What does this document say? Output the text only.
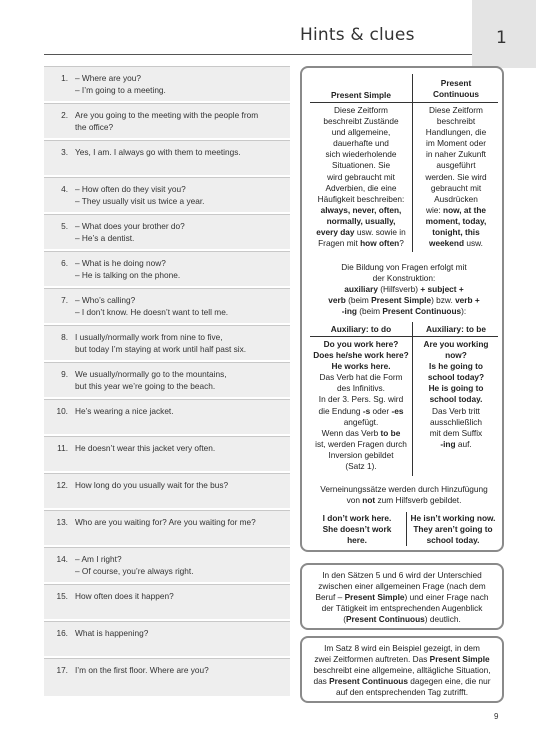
Hints & clues	1
1. – Where are you?
– I’m going to a meeting.
2. Are you going to the meeting with the people from
the office?
3. Yes, I am. I always go with them to meetings.
4. – How often do they visit you?
– They usually visit us twice a year.
5. – What does your brother do?
– He’s a dentist.
6. – What is he doing now?
– He is talking on the phone.
7. – Who’s calling?
– I don’t know. He doesn’t want to tell me.
8. I usually/normally work from nine to five,
but today I’m staying at work until half past six.
9. We usually/normally go to the mountains,
but this year we’re going to the beach.
10. He’s wearing a nice jacket.
11. He doesn’t wear this jacket very often.
12. How long do you usually wait for the bus?
13. Who are you waiting for? Are you waiting for me?
14. – Am I right?
– Of course, you’re always right.
15. How often does it happen?
16. What is happening?
17. I’m on the first floor. Where are you?
Present Simple
Present
Continuous
Diese Zeitform
beschreibt Zustände
und allgemeine,
dauerhafte und
sich wiederholende
Situationen. Sie
wird gebraucht mit
Adverbien, die eine
Häufigkeit beschreiben:
always, never, often,
normally, usually,
every day usw. sowie in
Fragen mit how often?
Diese Zeitform
beschreibt
Handlungen, die
im Moment oder
in naher Zukunft
ausgeführt
werden. Sie wird
gebraucht mit
Ausdrücken
wie: now, at the
moment, today,
tonight, this
weekend usw.
Die Bildung von Fragen erfolgt mit
der Konstruktion:
auxiliary (Hilfsverb) + subject +
verb (beim Present Simple) bzw. verb +
-ing (beim Present Continuous):
Auxiliary: to do	Auxiliary: to be
Do you work here?
Does he/she work here?
He works here.
Das Verb hat die Form
des Infinitivs.
In der 3. Pers. Sg. wird
die Endung -s oder -es
angefügt.
Wenn das Verb to be
ist, werden Fragen durch
Inversion gebildet
(Satz 1).
Are you working
now?
Is he going to
school today?
He is going to
school today.
Das Verb tritt
ausschließlich
mit dem Suffix
-ing auf.
Verneinungssätze werden durch Hinzufügung
von not zum Hilfsverb gebildet.
I don’t work here.
She doesn’t work
here.
He isn’t working now.
They aren’t going to
school today.
In den Sätzen 5 und 6 wird der Unterschied
zwischen einer allgemeinen Frage (nach dem
Beruf – Present Simple) und einer Frage nach
der Tätigkeit im entsprechenden Augenblick
(Present Continuous) deutlich.
Im Satz 8 wird ein Beispiel gezeigt, in dem
zwei Zeitformen auftreten. Das Present Simple
beschreibt eine allgemeine, alltägliche Situation,
das Present Continuous dagegen eine, die nur
auf den entsprechenden Tag zutrifft.
9
